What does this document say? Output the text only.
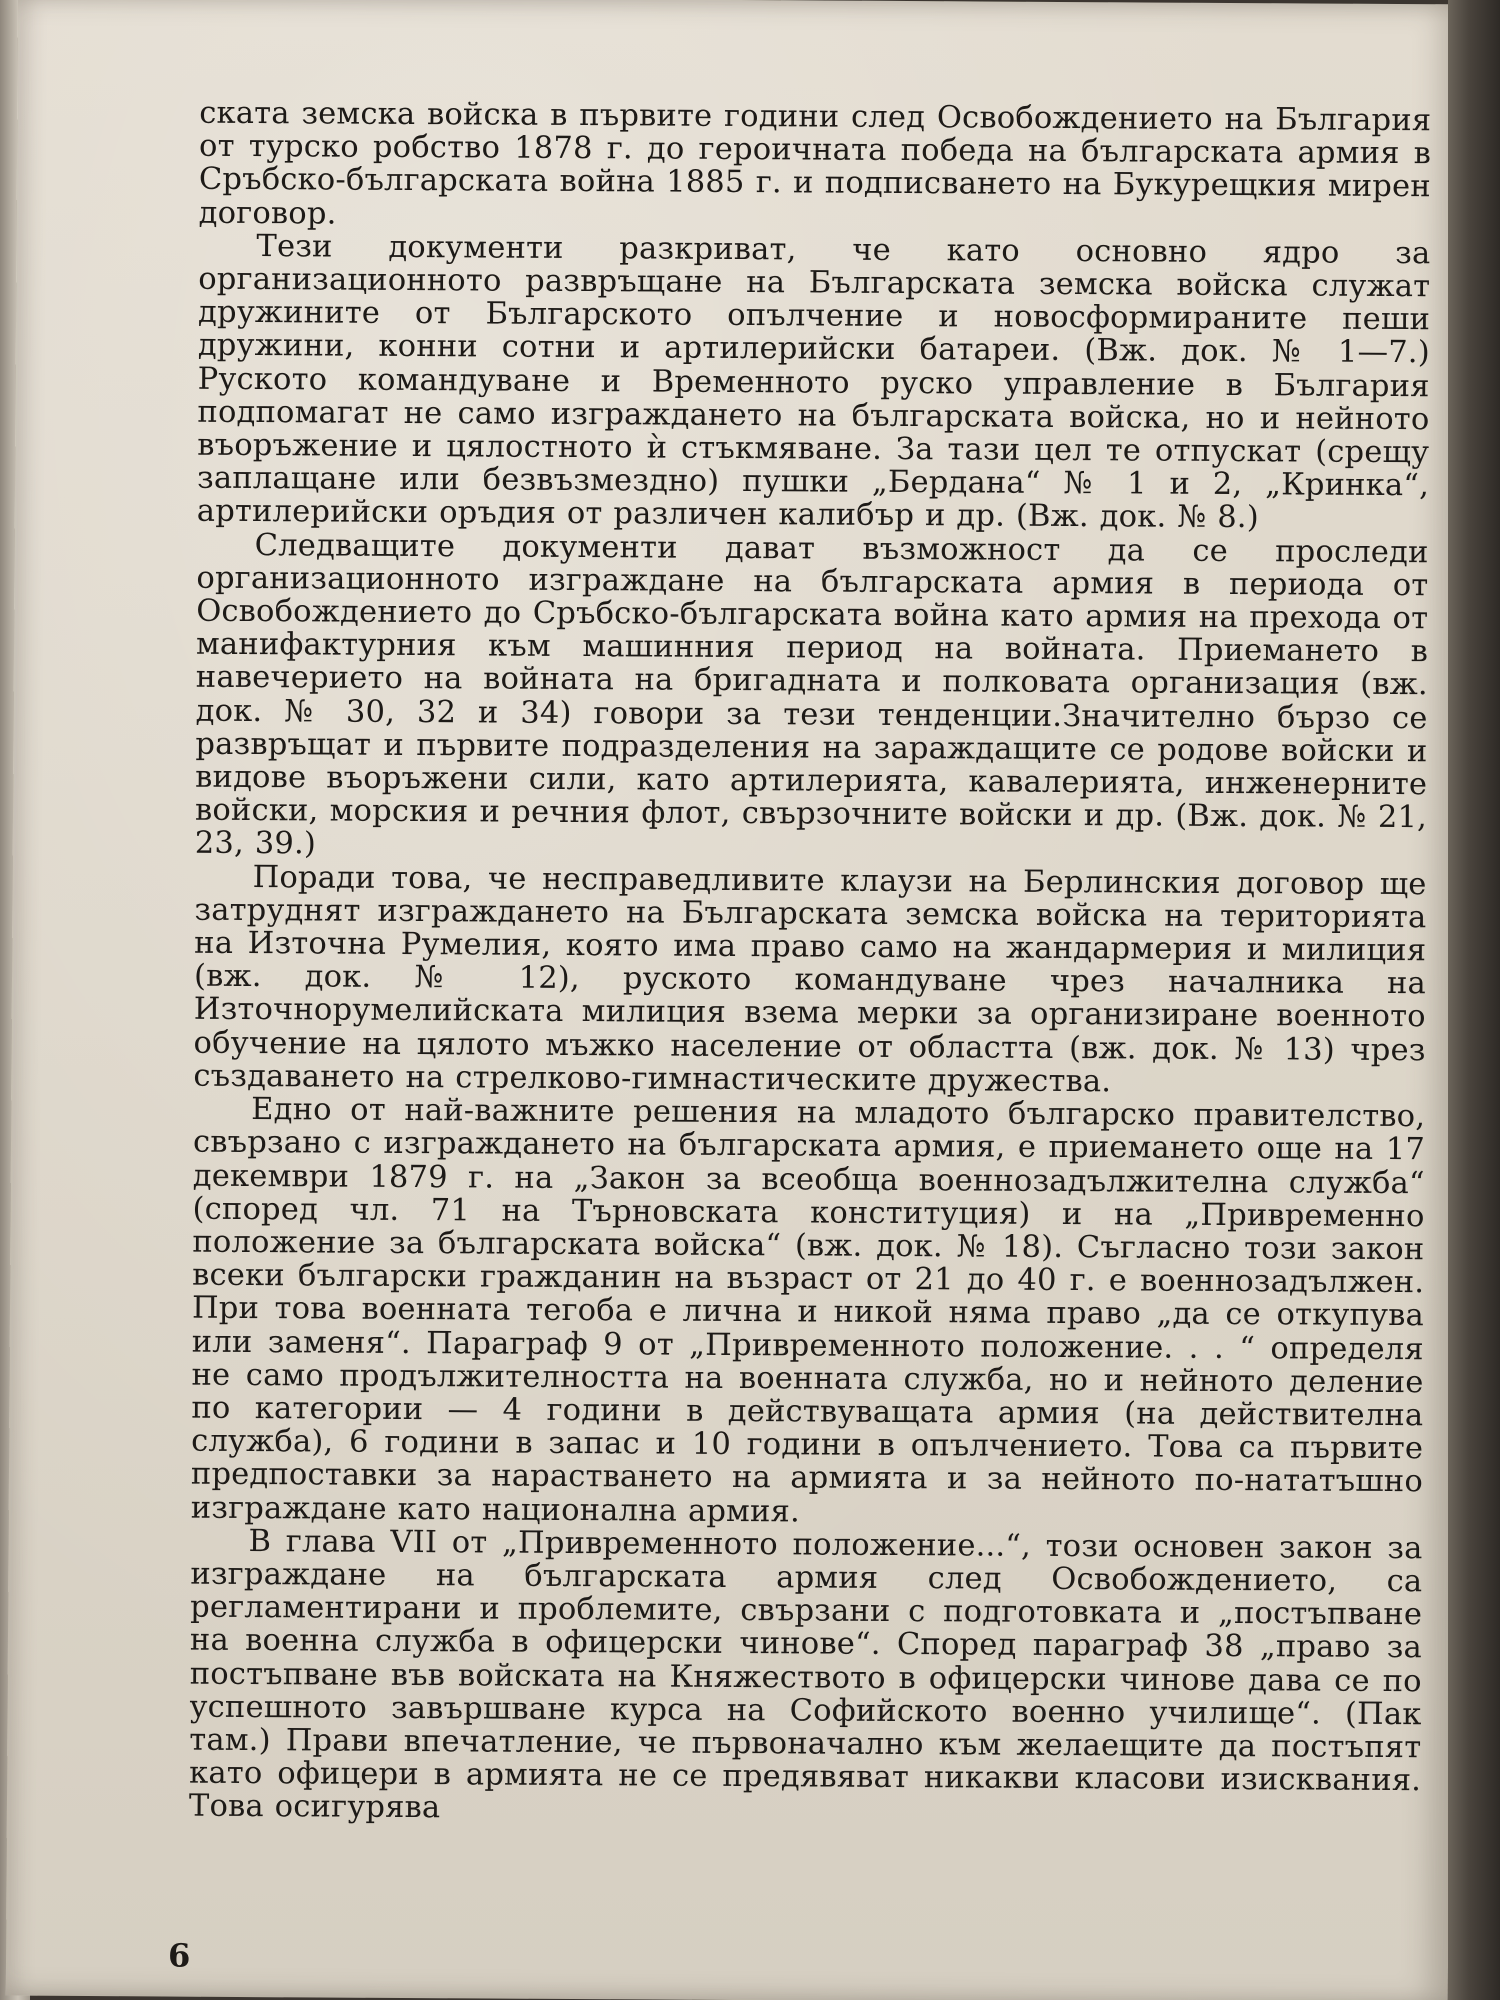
ската земска войска в първите години след Освобождението на България от турско робство 1878 г. до героичната победа на българската армия в Сръбско-българската война 1885 г. и подписването на Букурещкия мирен договор.

Тези документи разкриват, че като основно ядро за организационното развръщане на Българската земска войска служат дружините от Българското опълчение и новосформираните пеши дружини, конни сотни и артилерийски батареи. (Вж. док. № 1—7.) Руското командуване и Временното руско управление в България подпомагат не само изграждането на българската войска, но и нейното въоръжение и цялостното ѝ стъкмяване. За тази цел те отпускат (срещу заплащане или безвъзмездно) пушки „Бердана“ № 1 и 2, „Кринка“, артилерийски оръдия от различен калибър и др. (Вж. док. № 8.)

Следващите документи дават възможност да се проследи организационното изграждане на българската армия в периода от Освобождението до Сръбско-българската война като армия на прехода от манифактурния към машинния период на войната. Приемането в навечерието на войната на бригадната и полковата организация (вж. док. № 30, 32 и 34) говори за тези тенденции.Значително бързо се развръщат и първите подразделения на зараждащите се родове войски и видове въоръжени сили, като артилерията, кавалерията, инженерните войски, морския и речния флот, свързочните войски и др. (Вж. док. № 21, 23, 39.)

Поради това, че несправедливите клаузи на Берлинския договор ще затруднят изграждането на Българската земска войска на територията на Източна Румелия, която има право само на жандармерия и милиция (вж. док. № 12), руското командуване чрез началника на Източнорумелийската милиция взема мерки за организиране военното обучение на цялото мъжко население от областта (вж. док. № 13) чрез създаването на стрелково-гимнастическите дружества.

Едно от най-важните решения на младото българско правителство, свързано с изграждането на българската армия, е приемането още на 17 декември 1879 г. на „Закон за всеобща военнозадължителна служба“ (според чл. 71 на Търновската конституция) и на „Привременно положение за българската войска“ (вж. док. № 18). Съгласно този закон всеки български гражданин на възраст от 21 до 40 г. е военнозадължен. При това военната тегоба е лична и никой няма право „да се откупува или заменя“. Параграф 9 от „Привременното положение. . . “ определя не само продължителността на военната служба, но и нейното деление по категории — 4 години в действуващата армия (на действителна служба), 6 години в запас и 10 години в опълчението. Това са първите предпоставки за нарастването на армията и за нейното по-нататъшно изграждане като национална армия.

В глава VII от „Привременното положение...“, този основен закон за изграждане на българската армия след Освобождението, са регламентирани и проблемите, свързани с подготовката и „постъпване на военна служба в офицерски чинове“. Според параграф 38 „право за постъпване във войската на Княжеството в офицерски чинове дава се по успешното завършване курса на Софийското военно училище“. (Пак там.) Прави впечатление, че първоначално към желаещите да постъпят като офицери в армията не се предявяват никакви класови изисквания. Това осигурява

6
